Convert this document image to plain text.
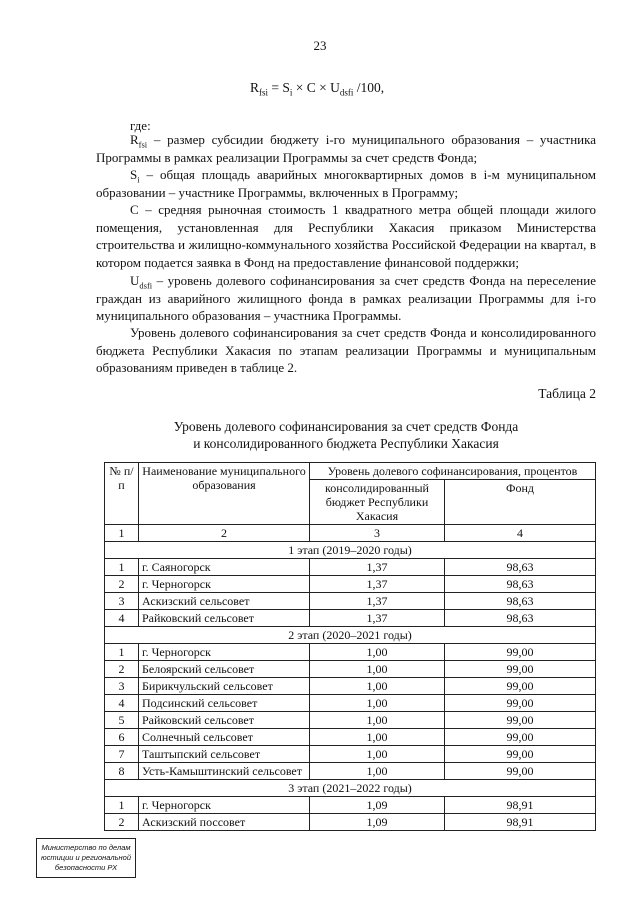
23
$R_{fsi} = S_i \times C \times U_{dsfi}$ /100,

где:

$R_{fsi}$ – размер субсидии бюджету i-го муниципального образования – участника Программы в рамках реализации Программы за счет средств Фонда;

$S_i$ – общая площадь аварийных многоквартирных домов в i-м муниципальном образовании – участнике Программы, включенных в Программу;

C – средняя рыночная стоимость 1 квадратного метра общей площади жилого помещения, установленная для Республики Хакасия приказом Министерства строительства и жилищно-коммунального хозяйства Российской Федерации на квартал, в котором подается заявка в Фонд на предоставление финансовой поддержки;

$U_{dsfi}$ – уровень долевого софинансирования за счет средств Фонда на переселение граждан из аварийного жилищного фонда в рамках реализации Программы для i-го муниципального образования – участника Программы.

Уровень долевого софинансирования за счет средств Фонда и консолидированного бюджета Республики Хакасия по этапам реализации Программы и муниципальным образованиям приведен в таблице 2.

Таблица 2
Уровень долевого софинансирования за счет средств Фонда
и консолидированного бюджета Республики Хакасия
№ п/п	Наименование муниципального образования	Уровень долевого софинансирования, процентов	
		консолидированный бюджет Республики Хакасия	Фонд
1	2	3	4
1 этап (2019–2020 годы)			
1	г. Саяногорск	1,37	98,63
2	г. Черногорск	1,37	98,63
3	Аскизский сельсовет	1,37	98,63
4	Райковский сельсовет	1,37	98,63
2 этап (2020–2021 годы)			
1	г. Черногорск	1,00	99,00
2	Белоярский сельсовет	1,00	99,00
3	Бирикчульский сельсовет	1,00	99,00
4	Подсинский сельсовет	1,00	99,00
5	Райковский сельсовет	1,00	99,00
6	Солнечный сельсовет	1,00	99,00
7	Таштыпский сельсовет	1,00	99,00
8	Усть-Камыштинский сельсовет	1,00	99,00
3 этап (2021–2022 годы)			
1	г. Черногорск	1,09	98,91
2	Аскизский поссовет	1,09	98,91
Министерство по делам
юстиции и региональной
безопасности РХ
